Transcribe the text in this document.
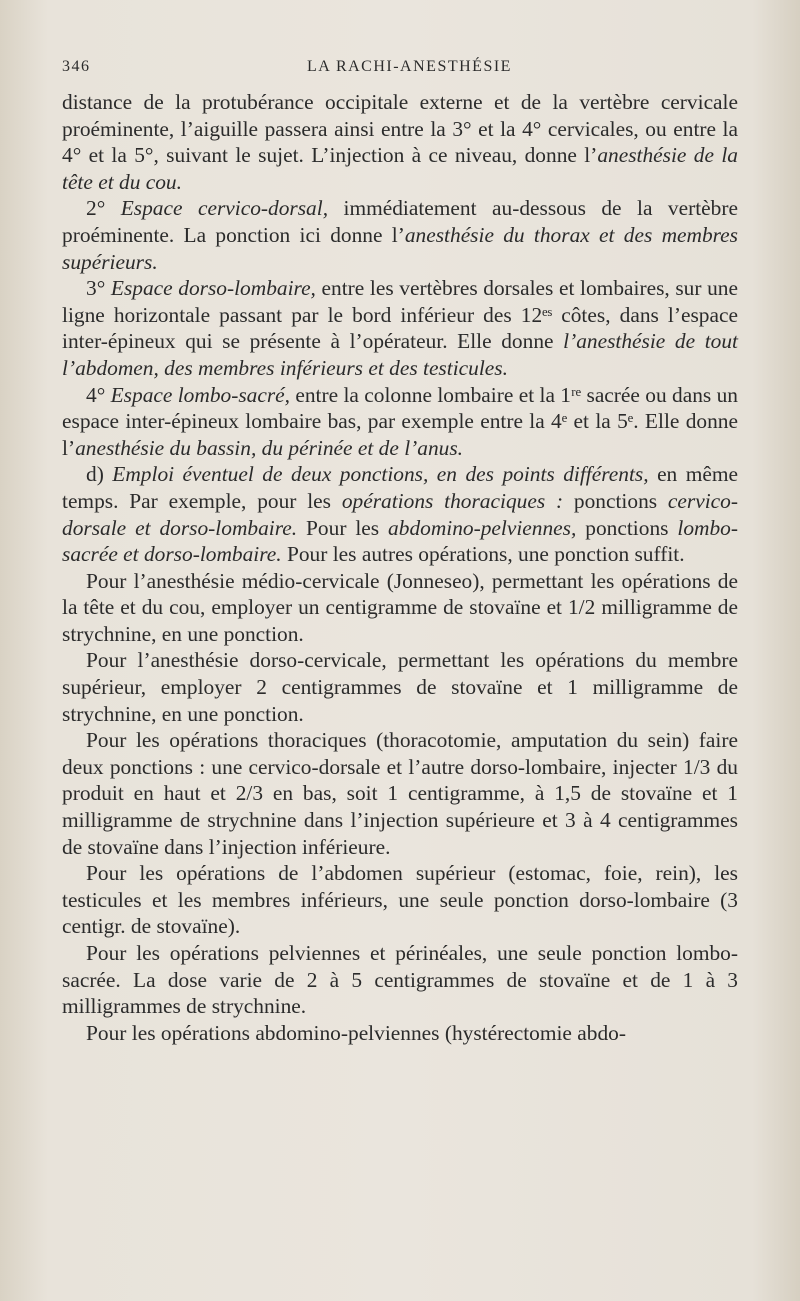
346	LA RACHI-ANESTHÉSIE

distance de la protubérance occipitale externe et de la vertèbre cervicale proéminente, l’aiguille passera ainsi entre la 3° et la 4° cervicales, ou entre la 4° et la 5°, suivant le sujet. L’injection à ce niveau, donne l’anesthésie de la tête et du cou.

2° Espace cervico-dorsal, immédiatement au-dessous de la vertèbre proéminente. La ponction ici donne l’anesthésie du thorax et des membres supérieurs.

3° Espace dorso-lombaire, entre les vertèbres dorsales et lombaires, sur une ligne horizontale passant par le bord inférieur des 12ᵉˢ côtes, dans l’espace inter-épineux qui se présente à l’opérateur. Elle donne l’anesthésie de tout l’abdomen, des membres inférieurs et des testicules.

4° Espace lombo-sacré, entre la colonne lombaire et la 1ʳᵉ sacrée ou dans un espace inter-épineux lombaire bas, par exemple entre la 4ᵉ et la 5ᵉ. Elle donne l’anesthésie du bassin, du périnée et de l’anus.

d) Emploi éventuel de deux ponctions, en des points différents, en même temps. Par exemple, pour les opérations thoraciques : ponctions cervico-dorsale et dorso-lombaire. Pour les abdomino-pelviennes, ponctions lombo-sacrée et dorso-lombaire. Pour les autres opérations, une ponction suffit.

Pour l’anesthésie médio-cervicale (Jonneseo), permettant les opérations de la tête et du cou, employer un centigramme de stovaïne et 1/2 milligramme de strychnine, en une ponction.

Pour l’anesthésie dorso-cervicale, permettant les opérations du membre supérieur, employer 2 centigrammes de stovaïne et 1 milligramme de strychnine, en une ponction.

Pour les opérations thoraciques (thoracotomie, amputation du sein) faire deux ponctions : une cervico-dorsale et l’autre dorso-lombaire, injecter 1/3 du produit en haut et 2/3 en bas, soit 1 centigramme, à 1,5 de stovaïne et 1 milligramme de strychnine dans l’injection supérieure et 3 à 4 centigrammes de stovaïne dans l’injection inférieure.

Pour les opérations de l’abdomen supérieur (estomac, foie, rein), les testicules et les membres inférieurs, une seule ponction dorso-lombaire (3 centigr. de stovaïne).

Pour les opérations pelviennes et périnéales, une seule ponction lombo-sacrée. La dose varie de 2 à 5 centigrammes de stovaïne et de 1 à 3 milligrammes de strychnine.

Pour les opérations abdomino-pelviennes (hystérectomie abdo-
